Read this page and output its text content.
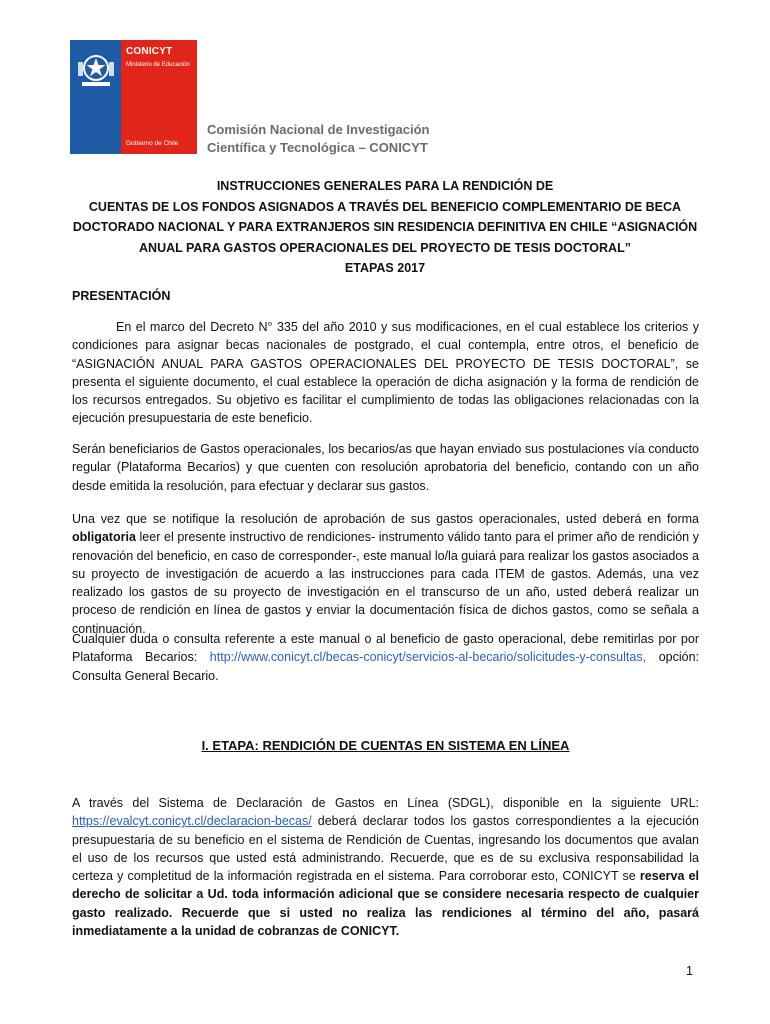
CONICYT
Ministerio de Educación
Gobierno de Chile
Comisión Nacional de Investigación
Científica y Tecnológica – CONICYT
INSTRUCCIONES GENERALES PARA LA RENDICIÓN DE
CUENTAS DE LOS FONDOS ASIGNADOS A TRAVÉS DEL BENEFICIO COMPLEMENTARIO DE BECA
DOCTORADO NACIONAL Y PARA EXTRANJEROS SIN RESIDENCIA DEFINITIVA EN CHILE “ASIGNACIÓN
ANUAL PARA GASTOS OPERACIONALES DEL PROYECTO DE TESIS DOCTORAL”
ETAPAS 2017
PRESENTACIÓN
En el marco del Decreto N° 335 del año 2010 y sus modificaciones, en el cual establece los criterios y condiciones para asignar becas nacionales de postgrado, el cual contempla, entre otros, el beneficio de “ASIGNACIÓN ANUAL PARA GASTOS OPERACIONALES DEL PROYECTO DE TESIS DOCTORAL”, se presenta el siguiente documento, el cual establece la operación de dicha asignación y la forma de rendición de los recursos entregados. Su objetivo es facilitar el cumplimiento de todas las obligaciones relacionadas con la ejecución presupuestaria de este beneficio.
Serán beneficiarios de Gastos operacionales, los becarios/as que hayan enviado sus postulaciones vía conducto regular (Plataforma Becarios) y que cuenten con resolución aprobatoria del beneficio, contando con un año desde emitida la resolución, para efectuar y declarar sus gastos.
Una vez que se notifique la resolución de aprobación de sus gastos operacionales, usted deberá en forma obligatoria leer el presente instructivo de rendiciones- instrumento válido tanto para el primer año de rendición y renovación del beneficio, en caso de corresponder-, este manual lo/la guiará para realizar los gastos asociados a su proyecto de investigación de acuerdo a las instrucciones para cada ITEM de gastos. Además, una vez realizado los gastos de su proyecto de investigación en el transcurso de un año, usted deberá realizar un proceso de rendición en línea de gastos y enviar la documentación física de dichos gastos, como se señala a continuación.
Cualquier duda o consulta referente a este manual o al beneficio de gasto operacional, debe remitirlas por por Plataforma Becarios: http://www.conicyt.cl/becas-conicyt/servicios-al-becario/solicitudes-y-consultas, opción: Consulta General Becario.
I. ETAPA: RENDICIÓN DE CUENTAS EN SISTEMA EN LÍNEA
A través del Sistema de Declaración de Gastos en Línea (SDGL), disponible en la siguiente URL: https://evalcyt.conicyt.cl/declaracion-becas/ deberá declarar todos los gastos correspondientes a la ejecución presupuestaria de su beneficio en el sistema de Rendición de Cuentas, ingresando los documentos que avalan el uso de los recursos que usted está administrando. Recuerde, que es de su exclusiva responsabilidad la certeza y completitud de la información registrada en el sistema. Para corroborar esto, CONICYT se reserva el derecho de solicitar a Ud. toda información adicional que se considere necesaria respecto de cualquier gasto realizado. Recuerde que si usted no realiza las rendiciones al término del año, pasará inmediatamente a la unidad de cobranzas de CONICYT.
1
